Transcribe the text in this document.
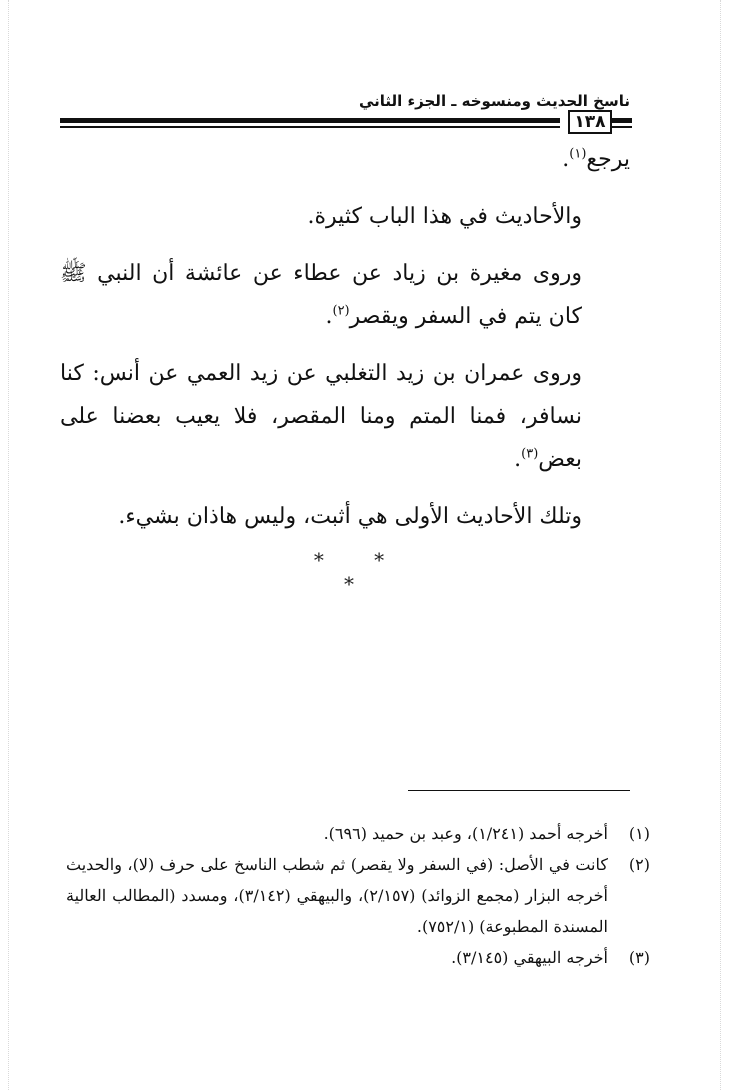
ناسخ الحديث ومنسوخه ـ الجزء الثاني
١٣٨

يرجع$^{(١)}$.

والأحاديث في هذا الباب كثيرة.

وروى مغيرة بن زياد عن عطاء عن عائشة أن النبي ﷺ كان يتم في السفر ويقصر$^{(٢)}$.

وروى عمران بن زيد التغلبي عن زيد العمي عن أنس: كنا نسافر، فمنا المتم ومنا المقصر، فلا يعيب بعضنا على بعض$^{(٣)}$.

وتلك الأحاديث الأولى هي أثبت، وليس هاذان بشيء.

* * *
(١)
أخرجه أحمد (١/٢٤١)، وعبد بن حميد (٦٩٦).
(٢)
كانت في الأصل: (في السفر ولا يقصر) ثم شطب الناسخ على حرف (لا)، والحديث أخرجه البزار (مجمع الزوائد) (٢/١٥٧)، والبيهقي (٣/١٤٢)، ومسدد (المطالب العالية المسندة المطبوعة) (٧٥٢/١).
(٣)
أخرجه البيهقي (٣/١٤٥).
